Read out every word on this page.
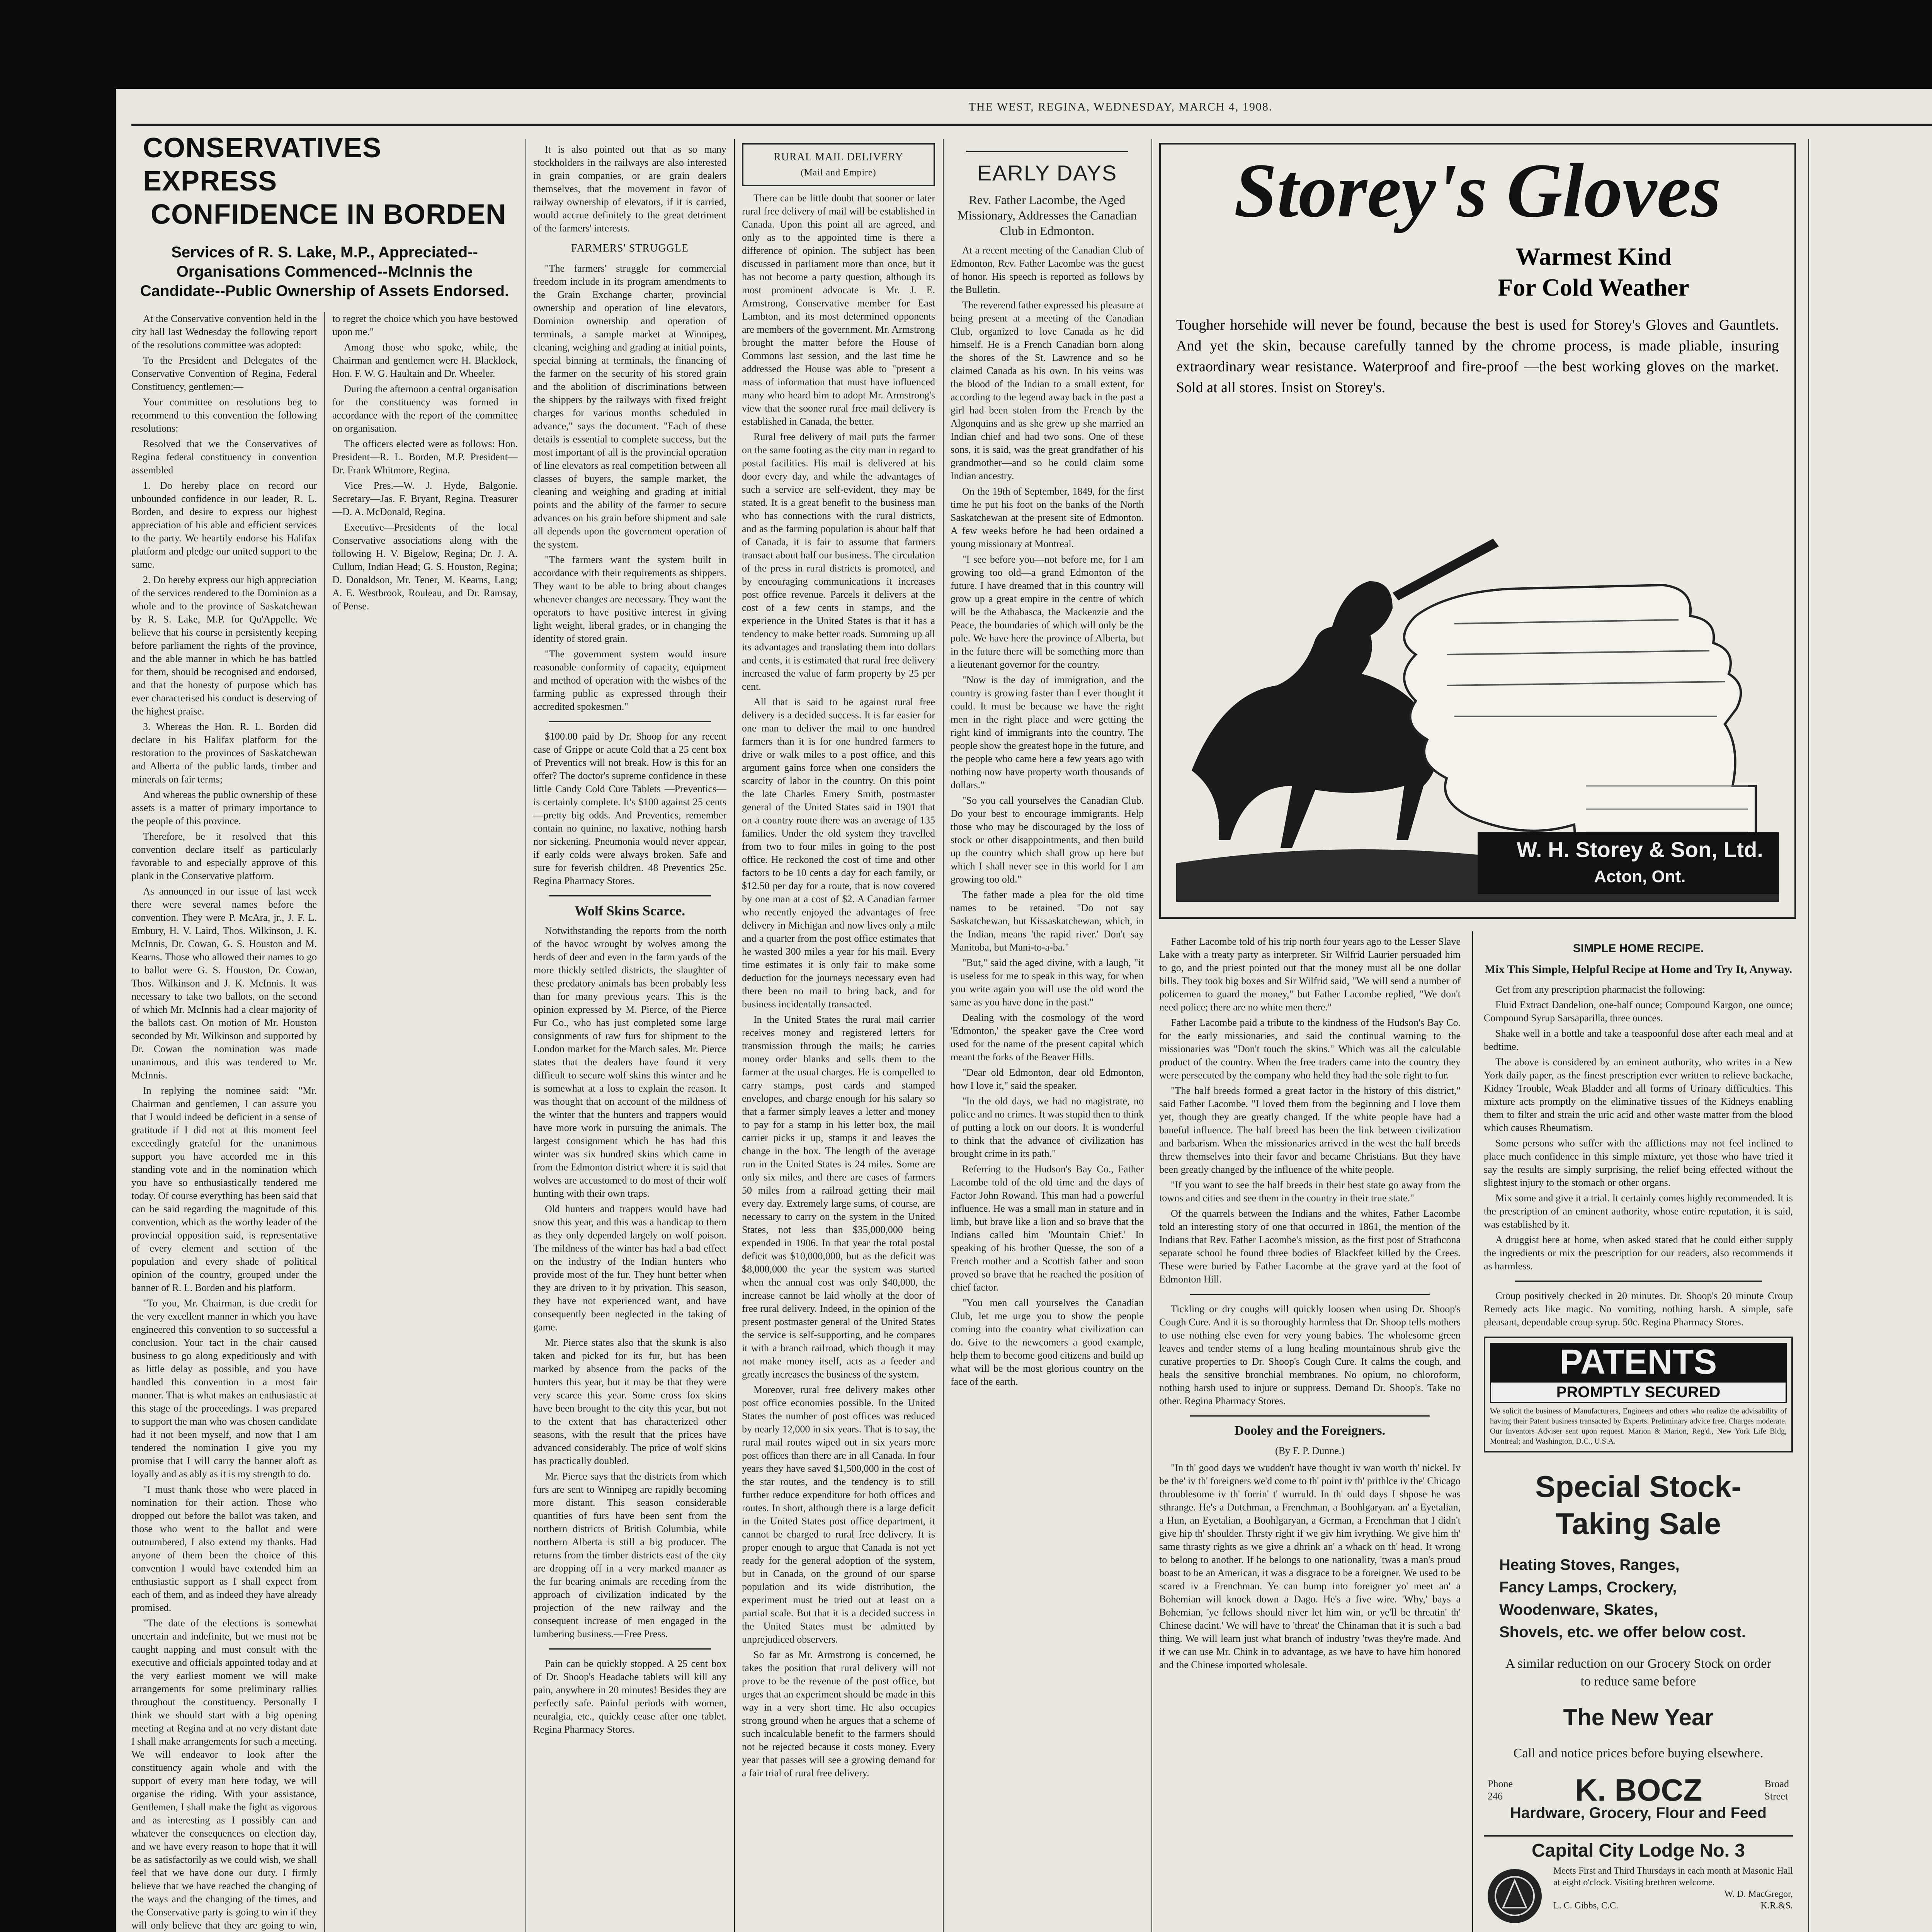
THE WEST, REGINA, WEDNESDAY, MARCH 4, 1908.
CONSERVATIVES EXPRESS
CONFIDENCE IN BORDEN
Services of R. S. Lake, M.P., Appreciated--Organisations Commenced--McInnis the Candidate--Public Ownership of Assets Endorsed.

At the Conservative convention held in the city hall last Wednesday the following report of the resolutions committee was adopted:

To the President and Delegates of the Conservative Convention of Regina, Federal Constituency, gentlemen:—

Your committee on resolutions beg to recommend to this convention the following resolutions:

Resolved that we the Conservatives of Regina federal constituency in convention assembled

1. Do hereby place on record our unbounded confidence in our leader, R. L. Borden, and desire to express our highest appreciation of his able and efficient services to the party. We heartily endorse his Halifax platform and pledge our united support to the same.

2. Do hereby express our high appreciation of the services rendered to the Dominion as a whole and to the province of Saskatchewan by R. S. Lake, M.P. for Qu'Appelle. We believe that his course in persistently keeping before parliament the rights of the province, and the able manner in which he has battled for them, should be recognised and endorsed, and that the honesty of purpose which has ever characterised his conduct is deserving of the highest praise.

3. Whereas the Hon. R. L. Borden did declare in his Halifax platform for the restoration to the provinces of Saskatchewan and Alberta of the public lands, timber and minerals on fair terms;

And whereas the public ownership of these assets is a matter of primary importance to the people of this province.

Therefore, be it resolved that this convention declare itself as particularly favorable to and especially approve of this plank in the Conservative platform.

As announced in our issue of last week there were several names before the convention. They were P. McAra, jr., J. F. L. Embury, H. V. Laird, Thos. Wilkinson, J. K. McInnis, Dr. Cowan, G. S. Houston and M. Kearns. Those who allowed their names to go to ballot were G. S. Houston, Dr. Cowan, Thos. Wilkinson and J. K. McInnis. It was necessary to take two ballots, on the second of which Mr. McInnis had a clear majority of the ballots cast. On motion of Mr. Houston seconded by Mr. Wilkinson and supported by Dr. Cowan the nomination was made unanimous, and this was tendered to Mr. McInnis.

In replying the nominee said: "Mr. Chairman and gentlemen, I can assure you that I would indeed be deficient in a sense of gratitude if I did not at this moment feel exceedingly grateful for the unanimous support you have accorded me in this standing vote and in the nomination which you have so enthusiastically tendered me today. Of course everything has been said that can be said regarding the magnitude of this convention, which as the worthy leader of the provincial opposition said, is representative of every element and section of the population and every shade of political opinion of the country, grouped under the banner of R. L. Borden and his platform.

"To you, Mr. Chairman, is due credit for the very excellent manner in which you have engineered this convention to so successful a conclusion. Your tact in the chair caused business to go along expeditiously and with as little delay as possible, and you have handled this convention in a most fair manner. That is what makes an enthusiastic at this stage of the proceedings. I was prepared to support the man who was chosen candidate had it not been myself, and now that I am tendered the nomination I give you my promise that I will carry the banner aloft as loyally and as ably as it is my strength to do.

"I must thank those who were placed in nomination for their action. Those who dropped out before the ballot was taken, and those who went to the ballot and were outnumbered, I also extend my thanks. Had anyone of them been the choice of this convention I would have extended him an enthusiastic support as I shall expect from each of them, and as indeed they have already promised.

"The date of the elections is somewhat uncertain and indefinite, but we must not be caught napping and must consult with the executive and officials appointed today and at the very earliest moment we will make arrangements for some preliminary rallies throughout the constituency. Personally I think we should start with a big opening meeting at Regina and at no very distant date I shall make arrangements for such a meeting. We will endeavor to look after the constituency again whole and with the support of every man here today, we will organise the riding. With your assistance, Gentlemen, I shall make the fight as vigorous and as interesting as I possibly can and whatever the consequences on election day, and we have every reason to hope that it will be as satisfactorily as we could wish, we shall feel that we have done our duty. I firmly believe that we have reached the changing of the ways and the changing of the times, and the Conservative party is going to win if they will only believe that they are going to win, to regret the choice which you have bestowed upon me."

Among those who spoke, while, the Chairman and gentlemen were H. Blacklock, Hon. F. W. G. Haultain and Dr. Wheeler.

During the afternoon a central organisation for the constituency was formed in accordance with the report of the committee on organisation.

The officers elected were as follows: Hon. President—R. L. Borden, M.P. President—Dr. Frank Whitmore, Regina.

Vice Pres.—W. J. Hyde, Balgonie. Secretary—Jas. F. Bryant, Regina. Treasurer—D. A. McDonald, Regina.

Executive—Presidents of the local Conservative associations along with the following H. V. Bigelow, Regina; Dr. J. A. Cullum, Indian Head; G. S. Houston, Regina; D. Donaldson, Mr. Tener, M. Kearns, Lang; A. E. Westbrook, Rouleau, and Dr. Ramsay, of Pense.

It is also pointed out that as so many stockholders in the railways are also interested in grain companies, or are grain dealers themselves, that the movement in favor of railway ownership of elevators, if it is carried, would accrue definitely to the great detriment of the farmers' interests.

FARMERS' STRUGGLE

"The farmers' struggle for commercial freedom include in its program amendments to the Grain Exchange charter, provincial ownership and operation of line elevators, Dominion ownership and operation of terminals, a sample market at Winnipeg, cleaning, weighing and grading at initial points, special binning at terminals, the financing of the farmer on the security of his stored grain and the abolition of discriminations between the shippers by the railways with fixed freight charges for various months scheduled in advance," says the document. "Each of these details is essential to complete success, but the most important of all is the provincial operation of line elevators as real competition between all classes of buyers, the sample market, the cleaning and weighing and grading at initial points and the ability of the farmer to secure advances on his grain before shipment and sale all depends upon the government operation of the system.

"The farmers want the system built in accordance with their requirements as shippers. They want to be able to bring about changes whenever changes are necessary. They want the operators to have positive interest in giving light weight, liberal grades, or in changing the identity of stored grain.

"The government system would insure reasonable conformity of capacity, equipment and method of operation with the wishes of the farming public as expressed through their accredited spokesmen."

$100.00 paid by Dr. Shoop for any recent case of Grippe or acute Cold that a 25 cent box of Preventics will not break. How is this for an offer? The doctor's supreme confidence in these little Candy Cold Cure Tablets —Preventics—is certainly complete. It's $100 against 25 cents—pretty big odds. And Preventics, remember contain no quinine, no laxative, nothing harsh nor sickening. Pneumonia would never appear, if early colds were always broken. Safe and sure for feverish children. 48 Preventics 25c. Regina Pharmacy Stores.

Wolf Skins Scarce.

Notwithstanding the reports from the north of the havoc wrought by wolves among the herds of deer and even in the farm yards of the more thickly settled districts, the slaughter of these predatory animals has been probably less than for many previous years. This is the opinion expressed by M. Pierce, of the Pierce Fur Co., who has just completed some large consignments of raw furs for shipment to the London market for the March sales. Mr. Pierce states that the dealers have found it very difficult to secure wolf skins this winter and he is somewhat at a loss to explain the reason. It was thought that on account of the mildness of the winter that the hunters and trappers would have more work in pursuing the animals. The largest consignment which he has had this winter was six hundred skins which came in from the Edmonton district where it is said that wolves are accustomed to do most of their wolf hunting with their own traps.

Old hunters and trappers would have had snow this year, and this was a handicap to them as they only depended largely on wolf poison. The mildness of the winter has had a bad effect on the industry of the Indian hunters who provide most of the fur. They hunt better when they are driven to it by privation. This season, they have not experienced want, and have consequently been neglected in the taking of game.

Mr. Pierce states also that the skunk is also taken and picked for its fur, but has been marked by absence from the packs of the hunters this year, but it may be that they were very scarce this year. Some cross fox skins have been brought to the city this year, but not to the extent that has characterized other seasons, with the result that the prices have advanced considerably. The price of wolf skins has practically doubled.

Mr. Pierce says that the districts from which furs are sent to Winnipeg are rapidly becoming more distant. This season considerable quantities of furs have been sent from the northern districts of British Columbia, while northern Alberta is still a big producer. The returns from the timber districts east of the city are dropping off in a very marked manner as the fur bearing animals are receding from the approach of civilization indicated by the projection of the new railway and the consequent increase of men engaged in the lumbering business.—Free Press.

Pain can be quickly stopped. A 25 cent box of Dr. Shoop's Headache tablets will kill any pain, anywhere in 20 minutes! Besides they are perfectly safe. Painful periods with women, neuralgia, etc., quickly cease after one tablet. Regina Pharmacy Stores.

RURAL MAIL DELIVERY
(Mail and Empire)

There can be little doubt that sooner or later rural free delivery of mail will be established in Canada. Upon this point all are agreed, and only as to the appointed time is there a difference of opinion. The subject has been discussed in parliament more than once, but it has not become a party question, although its most prominent advocate is Mr. J. E. Armstrong, Conservative member for East Lambton, and its most determined opponents are members of the government. Mr. Armstrong brought the matter before the House of Commons last session, and the last time he addressed the House was able to "present a mass of information that must have influenced many who heard him to adopt Mr. Armstrong's view that the sooner rural free mail delivery is established in Canada, the better.

Rural free delivery of mail puts the farmer on the same footing as the city man in regard to postal facilities. His mail is delivered at his door every day, and while the advantages of such a service are self-evident, they may be stated. It is a great benefit to the business man who has connections with the rural districts, and as the farming population is about half that of Canada, it is fair to assume that farmers transact about half our business. The circulation of the press in rural districts is promoted, and by encouraging communications it increases post office revenue. Parcels it delivers at the cost of a few cents in stamps, and the experience in the United States is that it has a tendency to make better roads. Summing up all its advantages and translating them into dollars and cents, it is estimated that rural free delivery increased the value of farm property by 25 per cent.

All that is said to be against rural free delivery is a decided success. It is far easier for one man to deliver the mail to one hundred farmers than it is for one hundred farmers to drive or walk miles to a post office, and this argument gains force when one considers the scarcity of labor in the country. On this point the late Charles Emery Smith, postmaster general of the United States said in 1901 that on a country route there was an average of 135 families. Under the old system they travelled from two to four miles in going to the post office. He reckoned the cost of time and other factors to be 10 cents a day for each family, or $12.50 per day for a route, that is now covered by one man at a cost of $2. A Canadian farmer who recently enjoyed the advantages of free delivery in Michigan and now lives only a mile and a quarter from the post office estimates that he wasted 300 miles a year for his mail. Every time estimates it is only fair to make some deduction for the journeys necessary even had there been no mail to bring back, and for business incidentally transacted.

In the United States the rural mail carrier receives money and registered letters for transmission through the mails; he carries money order blanks and sells them to the farmer at the usual charges. He is compelled to carry stamps, post cards and stamped envelopes, and charge enough for his salary so that a farmer simply leaves a letter and money to pay for a stamp in his letter box, the mail carrier picks it up, stamps it and leaves the change in the box. The length of the average run in the United States is 24 miles. Some are only six miles, and there are cases of farmers 50 miles from a railroad getting their mail every day. Extremely large sums, of course, are necessary to carry on the system in the United States, not less than $35,000,000 being expended in 1906. In that year the total postal deficit was $10,000,000, but as the deficit was $8,000,000 the year the system was started when the annual cost was only $40,000, the increase cannot be laid wholly at the door of free rural delivery. Indeed, in the opinion of the present postmaster general of the United States the service is self-supporting, and he compares it with a branch railroad, which though it may not make money itself, acts as a feeder and greatly increases the business of the system.

Moreover, rural free delivery makes other post office economies possible. In the United States the number of post offices was reduced by nearly 12,000 in six years. That is to say, the rural mail routes wiped out in six years more post offices than there are in all Canada. In four years they have saved $1,500,000 in the cost of the star routes, and the tendency is to still further reduce expenditure for both offices and routes. In short, although there is a large deficit in the United States post office department, it cannot be charged to rural free delivery. It is proper enough to argue that Canada is not yet ready for the general adoption of the system, but in Canada, on the ground of our sparse population and its wide distribution, the experiment must be tried out at least on a partial scale. But that it is a decided success in the United States must be admitted by unprejudiced observers.

So far as Mr. Armstrong is concerned, he takes the position that rural delivery will not prove to be the revenue of the post office, but urges that an experiment should be made in this way in a very short time. He also occupies strong ground when he argues that a scheme of such incalculable benefit to the farmers should not be rejected because it costs money. Every year that passes will see a growing demand for a fair trial of rural free delivery.

EARLY DAYS
Rev. Father Lacombe, the Aged Missionary, Addresses the Canadian Club in Edmonton.

At a recent meeting of the Canadian Club of Edmonton, Rev. Father Lacombe was the guest of honor. His speech is reported as follows by the Bulletin.

The reverend father expressed his pleasure at being present at a meeting of the Canadian Club, organized to love Canada as he did himself. He is a French Canadian born along the shores of the St. Lawrence and so he claimed Canada as his own. In his veins was the blood of the Indian to a small extent, for according to the legend away back in the past a girl had been stolen from the French by the Algonquins and as she grew up she married an Indian chief and had two sons. One of these sons, it is said, was the great grandfather of his grandmother—and so he could claim some Indian ancestry.

On the 19th of September, 1849, for the first time he put his foot on the banks of the North Saskatchewan at the present site of Edmonton. A few weeks before he had been ordained a young missionary at Montreal.

"I see before you—not before me, for I am growing too old—a grand Edmonton of the future. I have dreamed that in this country will grow up a great empire in the centre of which will be the Athabasca, the Mackenzie and the Peace, the boundaries of which will only be the pole. We have here the province of Alberta, but in the future there will be something more than a lieutenant governor for the country.

"Now is the day of immigration, and the country is growing faster than I ever thought it could. It must be because we have the right men in the right place and were getting the right kind of immigrants into the country. The people show the greatest hope in the future, and the people who came here a few years ago with nothing now have property worth thousands of dollars."

"So you call yourselves the Canadian Club. Do your best to encourage immigrants. Help those who may be discouraged by the loss of stock or other disappointments, and then build up the country which shall grow up here but which I shall never see in this world for I am growing too old."

The father made a plea for the old time names to be retained. "Do not say Saskatchewan, but Kissaskatchewan, which, in the Indian, means 'the rapid river.' Don't say Manitoba, but Mani-to-a-ba."

"But," said the aged divine, with a laugh, "it is useless for me to speak in this way, for when you write again you will use the old word the same as you have done in the past."

Dealing with the cosmology of the word 'Edmonton,' the speaker gave the Cree word used for the name of the present capital which meant the forks of the Beaver Hills.

"Dear old Edmonton, dear old Edmonton, how I love it," said the speaker.

"In the old days, we had no magistrate, no police and no crimes. It was stupid then to think of putting a lock on our doors. It is wonderful to think that the advance of civilization has brought crime in its path."

Referring to the Hudson's Bay Co., Father Lacombe told of the old time and the days of Factor John Rowand. This man had a powerful influence. He was a small man in stature and in limb, but brave like a lion and so brave that the Indians called him 'Mountain Chief.' In speaking of his brother Quesse, the son of a French mother and a Scottish father and soon proved so brave that he reached the position of chief factor.

"You men call yourselves the Canadian Club, let me urge you to show the people coming into the country what civilization can do. Give to the newcomers a good example, help them to become good citizens and build up what will be the most glorious country on the face of the earth.

Storey's Gloves
Warmest Kind
For Cold Weather
Tougher horsehide will never be found, because the best is used for Storey's Gloves and Gauntlets. And yet the skin, because carefully tanned by the chrome process, is made pliable, insuring extraordinary wear resistance. Waterproof and fire-proof —the best working gloves on the market. Sold at all stores. Insist on Storey's.
W. H. Storey & Son, Ltd.
Acton, Ont.

Father Lacombe told of his trip north four years ago to the Lesser Slave Lake with a treaty party as interpreter. Sir Wilfrid Laurier persuaded him to go, and the priest pointed out that the money must all be one dollar bills. They took big boxes and Sir Wilfrid said, "We will send a number of policemen to guard the money," but Father Lacombe replied, "We don't need police; there are no white men there."

Father Lacombe paid a tribute to the kindness of the Hudson's Bay Co. for the early missionaries, and said the continual warning to the missionaries was "Don't touch the skins." Which was all the calculable product of the country. When the free traders came into the country they were persecuted by the company who held they had the sole right to fur.

"The half breeds formed a great factor in the history of this district," said Father Lacombe. "I loved them from the beginning and I love them yet, though they are greatly changed. If the white people have had a baneful influence. The half breed has been the link between civilization and barbarism. When the missionaries arrived in the west the half breeds threw themselves into their favor and became Christians. But they have been greatly changed by the influence of the white people.

"If you want to see the half breeds in their best state go away from the towns and cities and see them in the country in their true state."

Of the quarrels between the Indians and the whites, Father Lacombe told an interesting story of one that occurred in 1861, the mention of the Indians that Rev. Father Lacombe's mission, as the first post of Strathcona separate school he found three bodies of Blackfeet killed by the Crees. These were buried by Father Lacombe at the grave yard at the foot of Edmonton Hill.

Tickling or dry coughs will quickly loosen when using Dr. Shoop's Cough Cure. And it is so thoroughly harmless that Dr. Shoop tells mothers to use nothing else even for very young babies. The wholesome green leaves and tender stems of a lung healing mountainous shrub give the curative properties to Dr. Shoop's Cough Cure. It calms the cough, and heals the sensitive bronchial membranes. No opium, no chloroform, nothing harsh used to injure or suppress. Demand Dr. Shoop's. Take no other. Regina Pharmacy Stores.

Dooley and the Foreigners.
(By F. P. Dunne.)

"In th' good days we wudden't have thought iv wan worth th' nickel. Iv be the' iv th' foreigners we'd come to th' point iv th' prithlce iv the' Chicago throublesome iv th' forrin' t' wurruld. In th' ould days I shpose he was sthrange. He's a Dutchman, a Frenchman, a Boohlgaryan. an' a Eyetalian, a Hun, an Eyetalian, a Boohlgaryan, a German, a Frenchman that I didn't give hip th' shoulder. Thrsty right if we giv him ivrything. We give him th' same thrasty rights as we give a dhrink an' a whack on th' head. It wrong to belong to another. If he belongs to one nationality, 'twas a man's proud boast to be an American, it was a disgrace to be a foreigner. We used to be scared iv a Frenchman. Ye can bump into foreigner yo' meet an' a Bohemian will knock down a Dago. He's a five wire. 'Why,' bays a Bohemian, 'ye fellows should niver let him win, or ye'll be threatin' th' Chinese dacint.' We will have to 'threat' the Chinaman that it is such a bad thing. We will learn just what branch of industry 'twas they're made. And if we can use Mr. Chink in to advantage, as we have to have him honored and the Chinese imported wholesale.

SIMPLE HOME RECIPE.
Mix This Simple, Helpful Recipe at Home and Try It, Anyway.

Get from any prescription pharmacist the following:

Fluid Extract Dandelion, one-half ounce; Compound Kargon, one ounce; Compound Syrup Sarsaparilla, three ounces.

Shake well in a bottle and take a teaspoonful dose after each meal and at bedtime.

The above is considered by an eminent authority, who writes in a New York daily paper, as the finest prescription ever written to relieve backache, Kidney Trouble, Weak Bladder and all forms of Urinary difficulties. This mixture acts promptly on the eliminative tissues of the Kidneys enabling them to filter and strain the uric acid and other waste matter from the blood which causes Rheumatism.

Some persons who suffer with the afflictions may not feel inclined to place much confidence in this simple mixture, yet those who have tried it say the results are simply surprising, the relief being effected without the slightest injury to the stomach or other organs.

Mix some and give it a trial. It certainly comes highly recommended. It is the prescription of an eminent authority, whose entire reputation, it is said, was established by it.

A druggist here at home, when asked stated that he could either supply the ingredients or mix the prescription for our readers, also recommends it as harmless.

Croup positively checked in 20 minutes. Dr. Shoop's 20 minute Croup Remedy acts like magic. No vomiting, nothing harsh. A simple, safe pleasant, dependable croup syrup. 50c. Regina Pharmacy Stores.

PATENTS
PROMPTLY SECURED
We solicit the business of Manufacturers, Engineers and others who realize the advisability of having their Patent business transacted by Experts. Preliminary advice free. Charges moderate. Our Inventors Adviser sent upon request. Marion & Marion, Reg'd., New York Life Bldg, Montreal; and Washington, D.C., U.S.A.
Special Stock-
Taking Sale
Heating Stoves, Ranges,
Fancy Lamps, Crockery,
Woodenware, Skates,
Shovels, etc. we offer below cost.
A similar reduction on our Grocery Stock on order to reduce same before
The New Year
Call and notice prices before buying elsewhere.
Phone
246	K. BOCZ	Broad
Street
Hardware, Grocery, Flour and Feed
Capital City Lodge No. 3
Meets First and Third Thursdays in each month at Masonic Hall at eight o'clock. Visiting brethren welcome.
W. D. MacGregor,
L. C. Gibbs, C.C.	K.R.&S.
